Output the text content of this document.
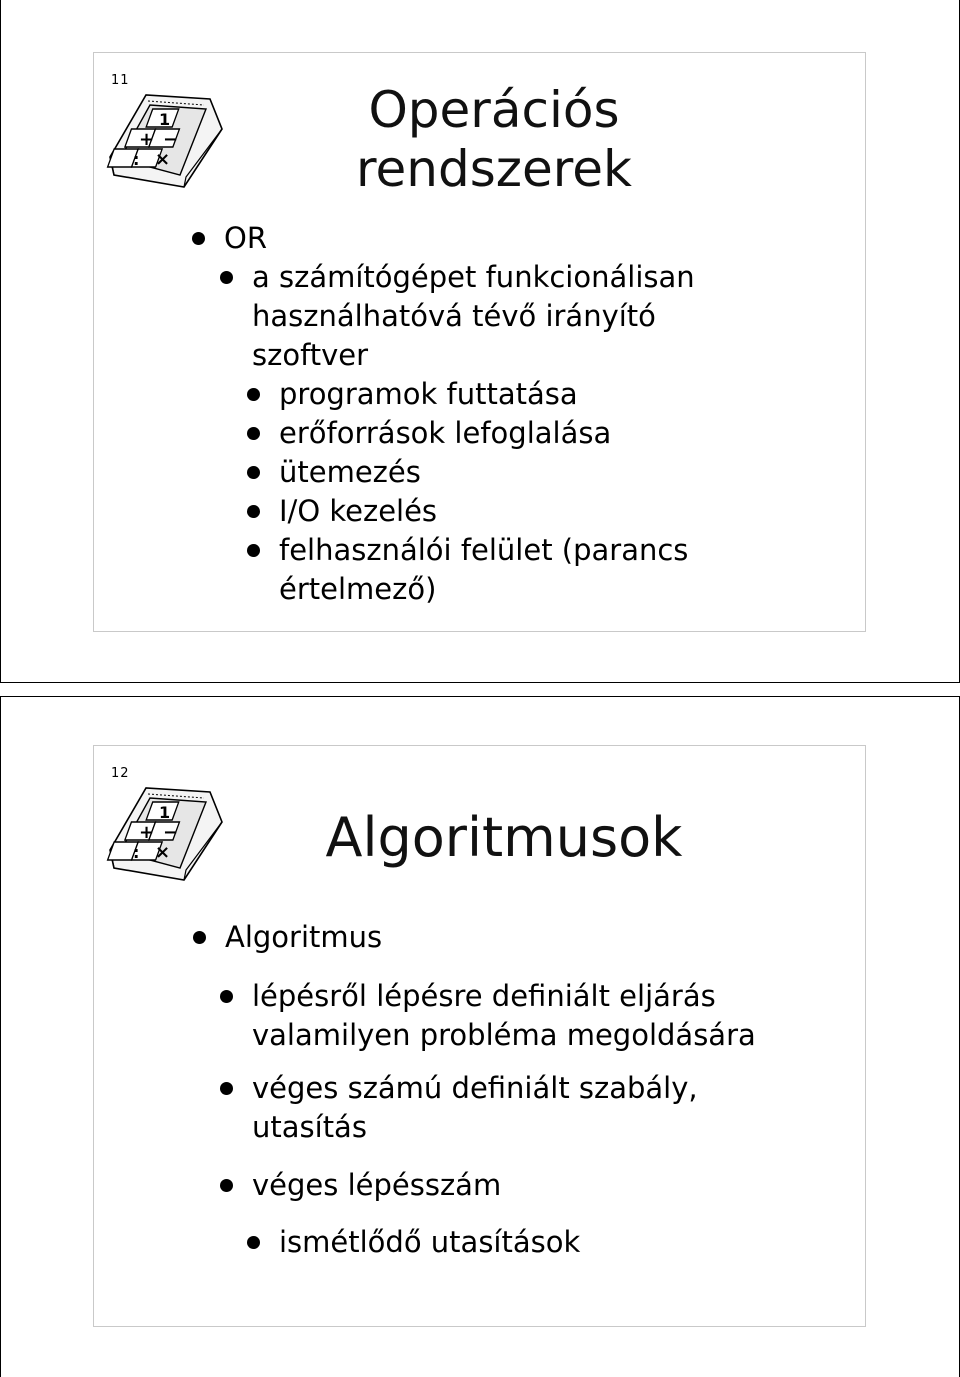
11
1
+ −
: ×
Operációs
rendszerek
OR
a számítógépet funkcionálisan
használhatóvá tévő irányító
szoftver
programok futtatása
erőforrások lefoglalása
ütemezés
I/O kezelés
felhasználói felület (parancs
értelmező)
12
1
+ −
: ×	Algoritmusok
Algoritmus
lépésről lépésre definiált eljárás
valamilyen probléma megoldására
véges számú definiált szabály,
utasítás
véges lépésszám
ismétlődő utasítások
